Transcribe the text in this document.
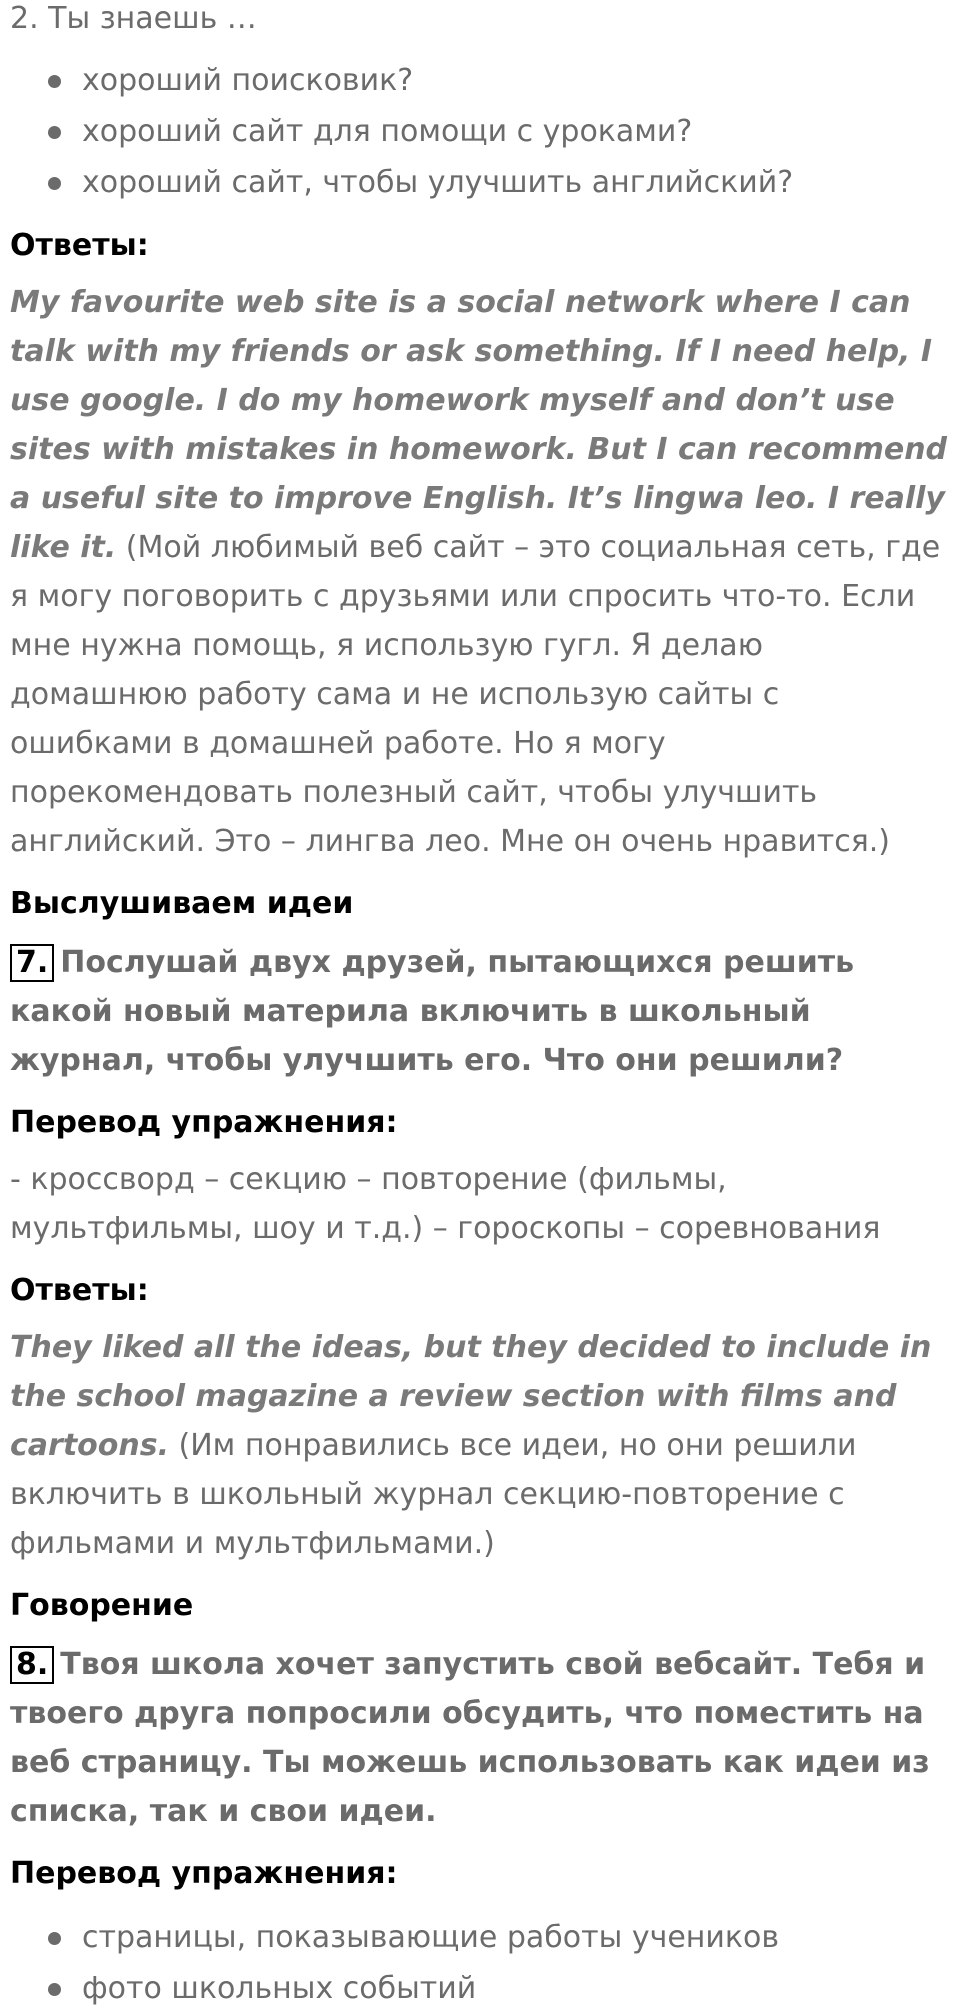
2. Ты знаешь …

хороший поисковик?
хороший сайт для помощи с уроками?
хороший сайт, чтобы улучшить английский?

Ответы:

My favourite web site is a social network where I can talk with my friends or ask something. If I need help, I use google. I do my homework myself and don’t use sites with mistakes in homework. But I can recommend a useful site to improve English. It’s lingwa leo. I really like it. (Мой любимый веб сайт – это социальная сеть, где я могу поговорить с друзьями или спросить что-то. Если мне нужна помощь, я использую гугл. Я делаю домашнюю работу сама и не использую сайты с ошибками в домашней работе. Но я могу порекомендовать полезный сайт, чтобы улучшить английский. Это – лингва лео. Мне он очень нравится.)

Выслушиваем идеи

7. Послушай двух друзей, пытающихся решить какой новый материла включить в школьный журнал, чтобы улучшить его. Что они решили?

Перевод упражнения:

- кроссворд – секцию – повторение (фильмы, мультфильмы, шоу и т.д.) – гороскопы – соревнования

Ответы:

They liked all the ideas, but they decided to include in the school magazine a review section with films and cartoons. (Им понравились все идеи, но они решили включить в школьный журнал секцию-повторение с фильмами и мультфильмами.)

Говорение

8. Твоя школа хочет запустить свой вебсайт. Тебя и твоего друга попросили обсудить, что поместить на веб страницу. Ты можешь использовать как идеи из списка, так и свои идеи.

Перевод упражнения:

страницы, показывающие работы учеников
фото школьных событий
